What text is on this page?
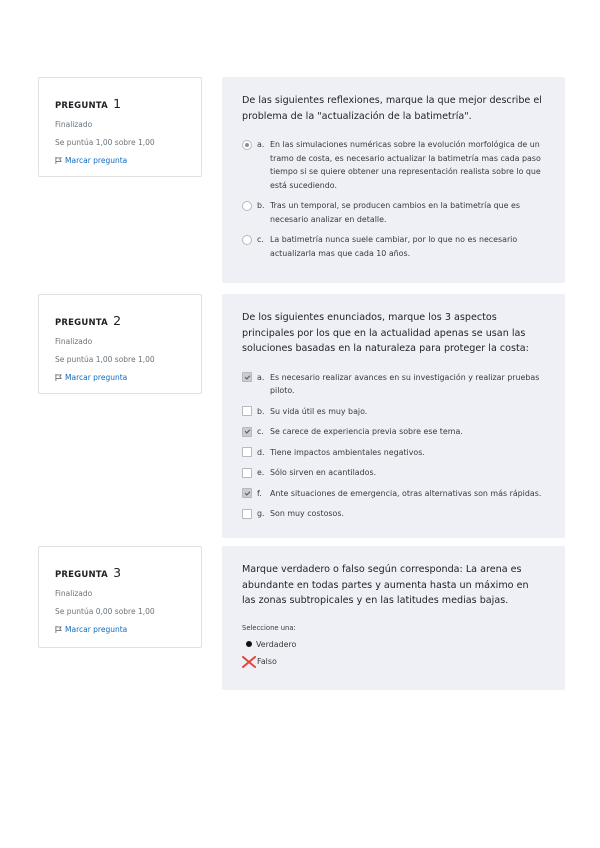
PREGUNTA 1
Finalizado
Se puntúa 1,00 sobre 1,00
Marcar pregunta
De las siguientes reflexiones, marque la que mejor describe el problema de la "actualización de la batimetría".
a. En las simulaciones numéricas sobre la evolución morfológica de un tramo de costa, es necesario actualizar la batimetría mas cada paso tiempo si se quiere obtener una representación realista sobre lo que está sucediendo.
b. Tras un temporal, se producen cambios en la batimetría que es necesario analizar en detalle.
c. La batimetría nunca suele cambiar, por lo que no es necesario actualizarla mas que cada 10 años.
PREGUNTA 2
Finalizado
Se puntúa 1,00 sobre 1,00
Marcar pregunta
De los siguientes enunciados, marque los 3 aspectos principales por los que en la actualidad apenas se usan las soluciones basadas en la naturaleza para proteger la costa:
a. Es necesario realizar avances en su investigación y realizar pruebas piloto.
b. Su vida útil es muy bajo.
c. Se carece de experiencia previa sobre ese tema.
d. Tiene impactos ambientales negativos.
e. Sólo sirven en acantilados.
f.	Ante situaciones de emergencia, otras alternativas son más rápidas.
g. Son muy costosos.
PREGUNTA 3
Finalizado
Se puntúa 0,00 sobre 1,00
Marcar pregunta
Marque verdadero o falso según corresponda: La arena es abundante en todas partes y aumenta hasta un máximo en las zonas subtropicales y en las latitudes medias bajas.
Seleccione una:
Verdadero
Falso
